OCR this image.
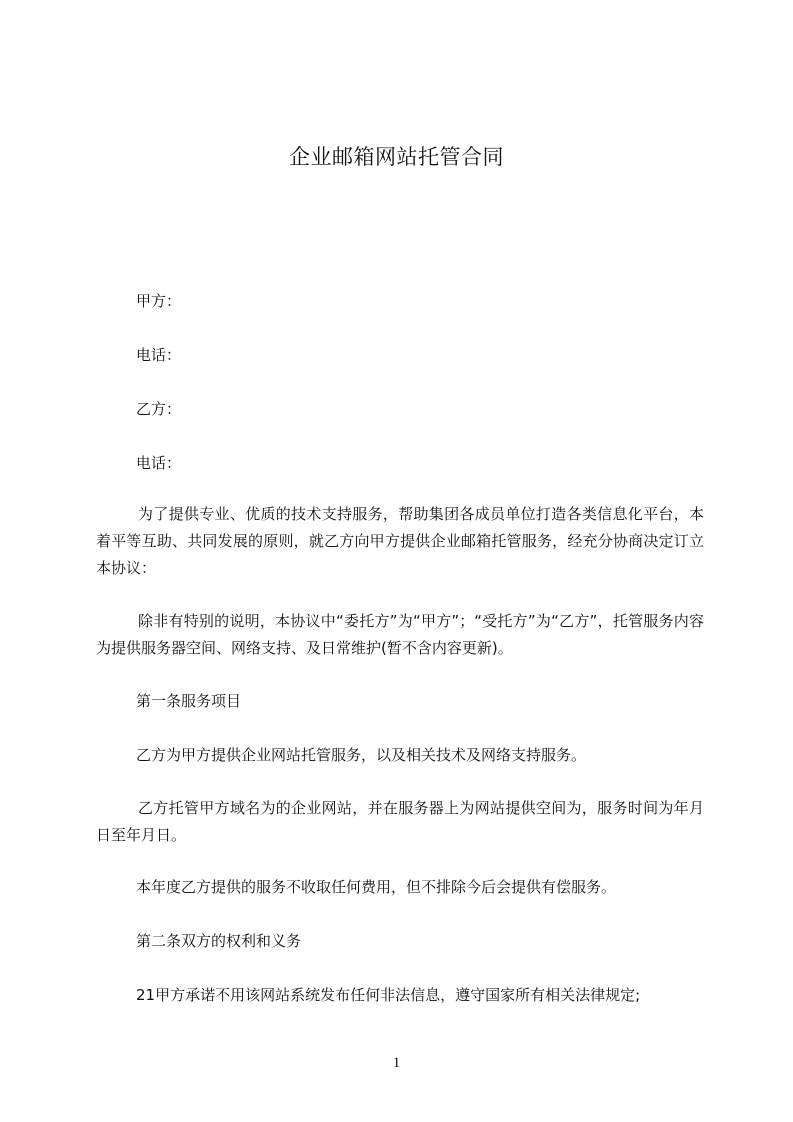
企业邮箱网站托管合同
甲方：
电话：
乙方：
电话：
为了提供专业、优质的技术支持服务，帮助集团各成员单位打造各类信息化平台，本着平等互助、共同发展的原则，就乙方向甲方提供企业邮箱托管服务，经充分协商决定订立本协议：
除非有特别的说明，本协议中“委托方”为“甲方”；“受托方”为“乙方”，托管服务内容为提供服务器空间、网络支持、及日常维护(暂不含内容更新)。
第一条服务项目
乙方为甲方提供企业网站托管服务，以及相关技术及网络支持服务。
乙方托管甲方域名为的企业网站，并在服务器上为网站提供空间为，服务时间为年月日至年月日。
本年度乙方提供的服务不收取任何费用，但不排除今后会提供有偿服务。
第二条双方的权利和义务
21甲方承诺不用该网站系统发布任何非法信息，遵守国家所有相关法律规定;
1
